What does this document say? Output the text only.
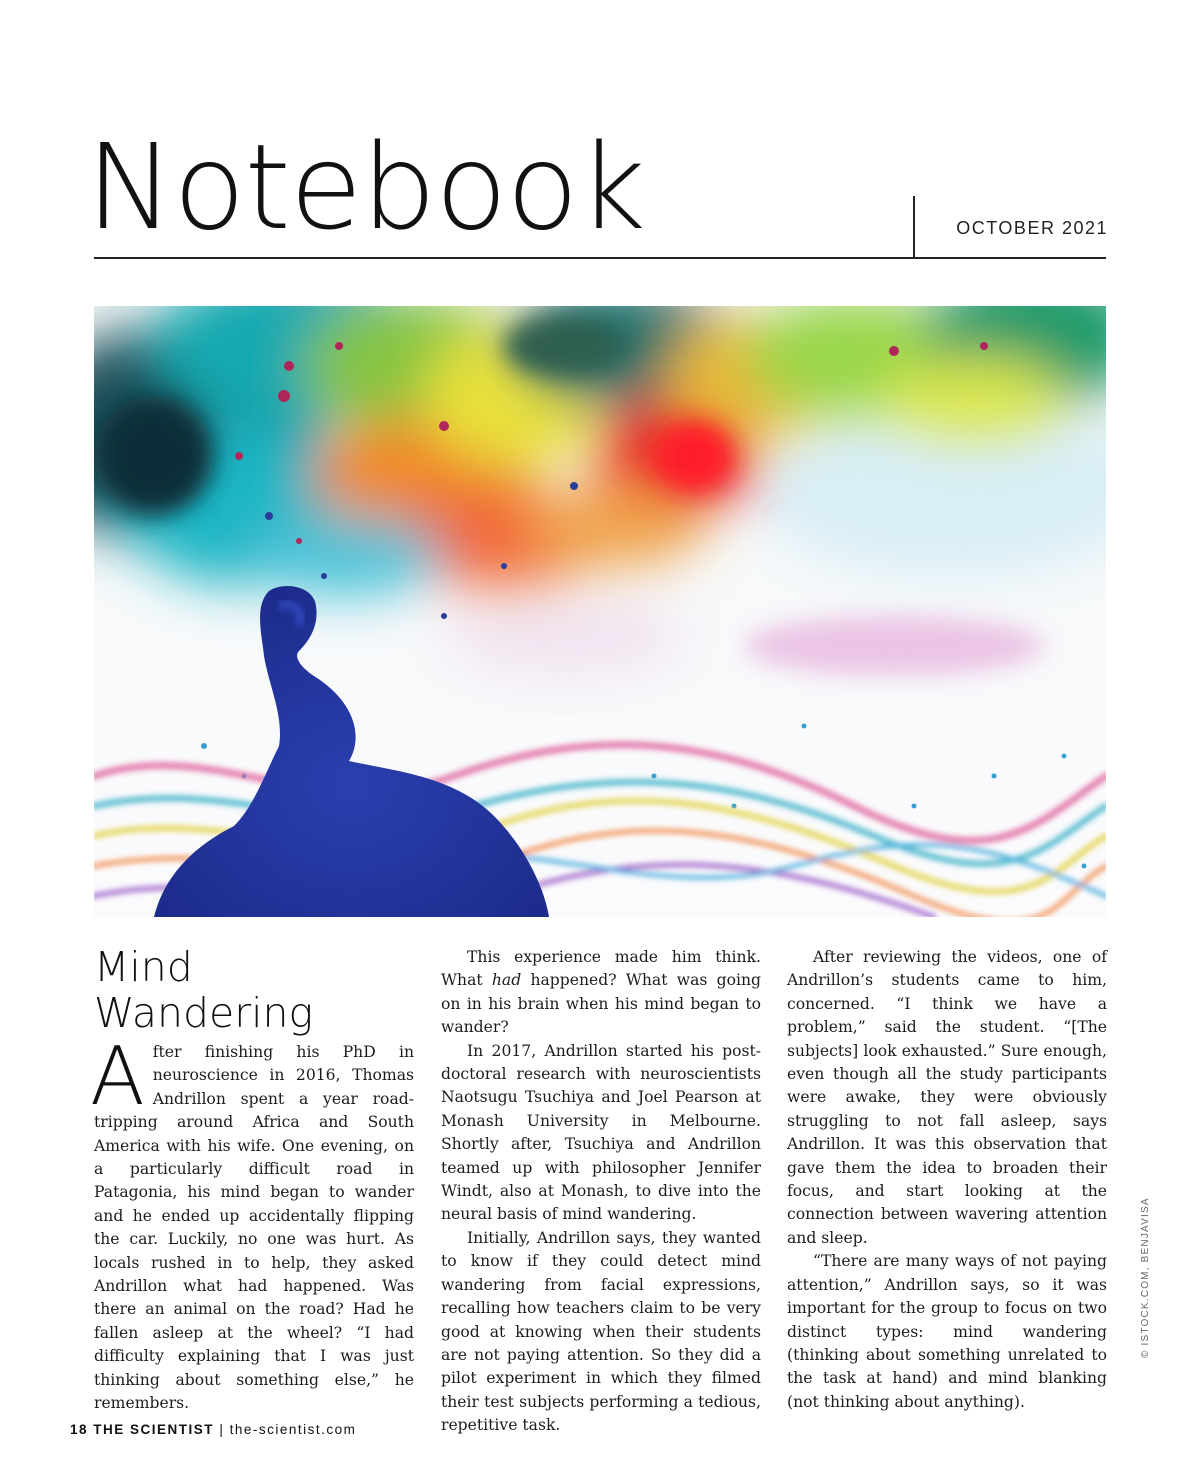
Notebook	OCTOBER 2021
Mind
Wandering

After finishing his PhD in neuroscience in 2016, Thomas Andrillon spent a year road-tripping around Africa and South America with his wife. One evening, on a particularly difficult road in Patagonia, his mind began to wander and he ended up accidentally flipping the car. Luckily, no one was hurt. As locals rushed in to help, they asked Andrillon what had happened. Was there an animal on the road? Had he fallen asleep at the wheel? “I had difficulty explaining that I was just thinking about something else,” he remembers.

This experience made him think. What had happened? What was going on in his brain when his mind began to wander?

In 2017, Andrillon started his post-doctoral research with neuroscientists Naotsugu Tsuchiya and Joel Pearson at Monash University in Melbourne. Shortly after, Tsuchiya and Andrillon teamed up with philosopher Jennifer Windt, also at Monash, to dive into the neural basis of mind wandering.

Initially, Andrillon says, they wanted to know if they could detect mind wandering from facial expressions, recalling how teachers claim to be very good at knowing when their students are not paying attention. So they did a pilot experiment in which they filmed their test subjects performing a tedious, repetitive task.

After reviewing the videos, one of Andrillon’s students came to him, concerned. “I think we have a problem,” said the student. “[The subjects] look exhausted.” Sure enough, even though all the study participants were awake, they were obviously struggling to not fall asleep, says Andrillon. It was this observation that gave them the idea to broaden their focus, and start looking at the connection between wavering attention and sleep.

“There are many ways of not paying attention,” Andrillon says, so it was important for the group to focus on two distinct types: mind wandering (thinking about something unrelated to the task at hand) and mind blanking (not thinking about anything).

© ISTOCK.COM, BENJAVISA
18 THE SCIENTIST | the-scientist.com
